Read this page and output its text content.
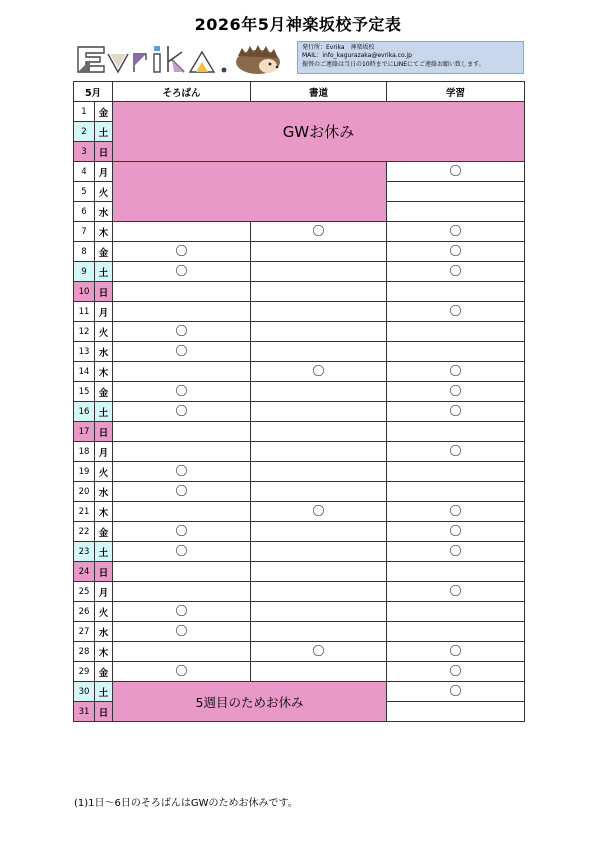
2026年5月神楽坂校予定表
発行所：Evrika　神楽坂校
MAIL：info_kagurazaka@evrika.co.jp
振替のご連絡は当日の10時までにLINEにてご連絡お願い致します。
5月		そろばん	書道	学習
1	金	GWお休み		
2	土			
3	日			
4	月			〇
5	火			
6	水			
7	木		〇	〇
8	金	〇		〇
9	土	〇		〇
10	日			
11	月			〇
12	火	〇		
13	水	〇		
14	木		〇	〇
15	金	〇		〇
16	土	〇		〇
17	日			
18	月			〇
19	火	〇		
20	水	〇		
21	木		〇	〇
22	金	〇		〇
23	土	〇		〇
24	日			
25	月			〇
26	火	〇		
27	水	〇		
28	木		〇	〇
29	金	〇		〇
30	土	5週目のためお休み		〇
31	日			
(1)1日～6日のそろばんはGWのためお休みです。
